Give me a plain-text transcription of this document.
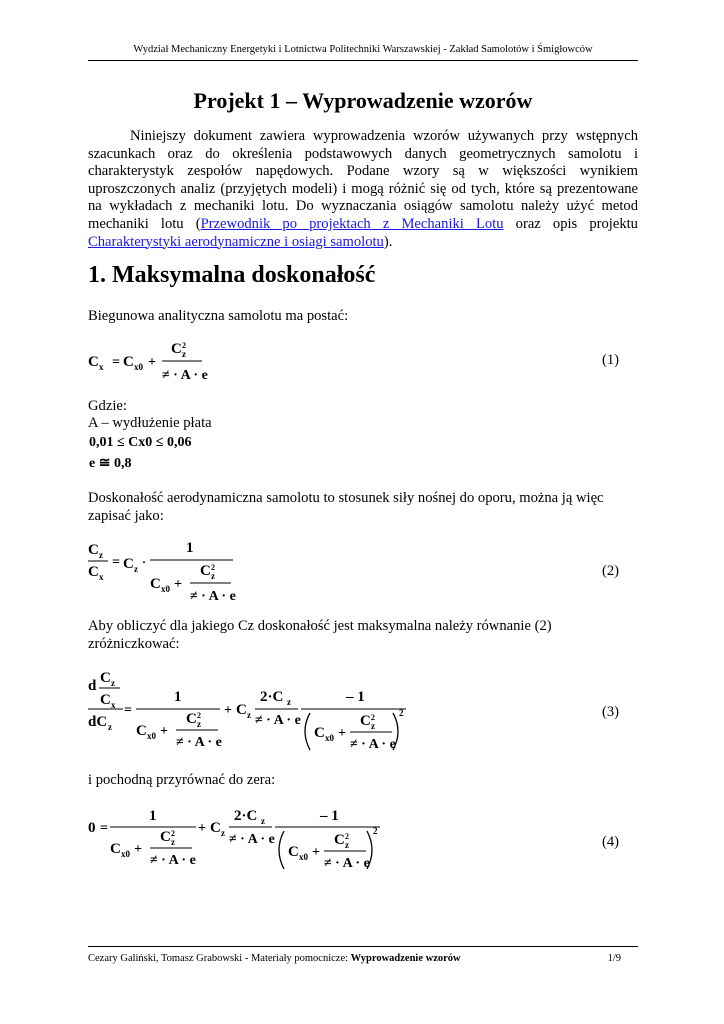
Wydział Mechaniczny Energetyki i Lotnictwa Politechniki Warszawskiej - Zakład Samolotów i Śmigłowców
Projekt 1 – Wyprowadzenie wzorów
Niniejszy dokument zawiera wyprowadzenia wzorów używanych przy wstępnych szacunkach oraz do określenia podstawowych danych geometrycznych samolotu i charakterystyk zespołów napędowych. Podane wzory są w większości wynikiem uproszczonych analiz (przyjętych modeli) i mogą różnić się od tych, które są prezentowane na wykładach z mechaniki lotu. Do wyznaczania osiągów samolotu należy użyć metod mechaniki lotu (Przewodnik po projektach z Mechaniki Lotu oraz opis projektu Charakterystyki aerodynamiczne i osiagi samolotu).
1. Maksymalna doskonałość
Biegunowa analityczna samolotu ma postać:
C x = C x0 +
C 2
z
≠ · A · e
(1)
Gdzie:
A – wydłużenie płata
0,01 ≤ Cx0 ≤ 0,06
e ≅ 0,8
Doskonałość aerodynamiczna samolotu to stosunek siły nośnej do oporu, można ją więc zapisać jako:
C z
C x
= C z ·
1
C x0 +
C 2
z
≠ · A · e
(2)
Aby obliczyć dla jakiego Cz doskonałość jest maksymalna należy równanie (2) zróżniczkować:
d C z
C x
dC z
=
1
C x0 +
C 2
z
≠ · A · e
+ C z
2·C z
≠ · A · e
– 1
C x0 +
C 2
z
≠ · A · e
2	(3)
i pochodną przyrównać do zera:
0 =
1
C x0 +
C 2
z
≠ · A · e
+ C z
2·C z
≠ · A · e
– 1
C x0 +
C 2
z
≠ · A · e
2
(4)
Cezary Galiński, Tomasz Grabowski - Materiały pomocnicze: Wyprowadzenie wzorów	1/9
